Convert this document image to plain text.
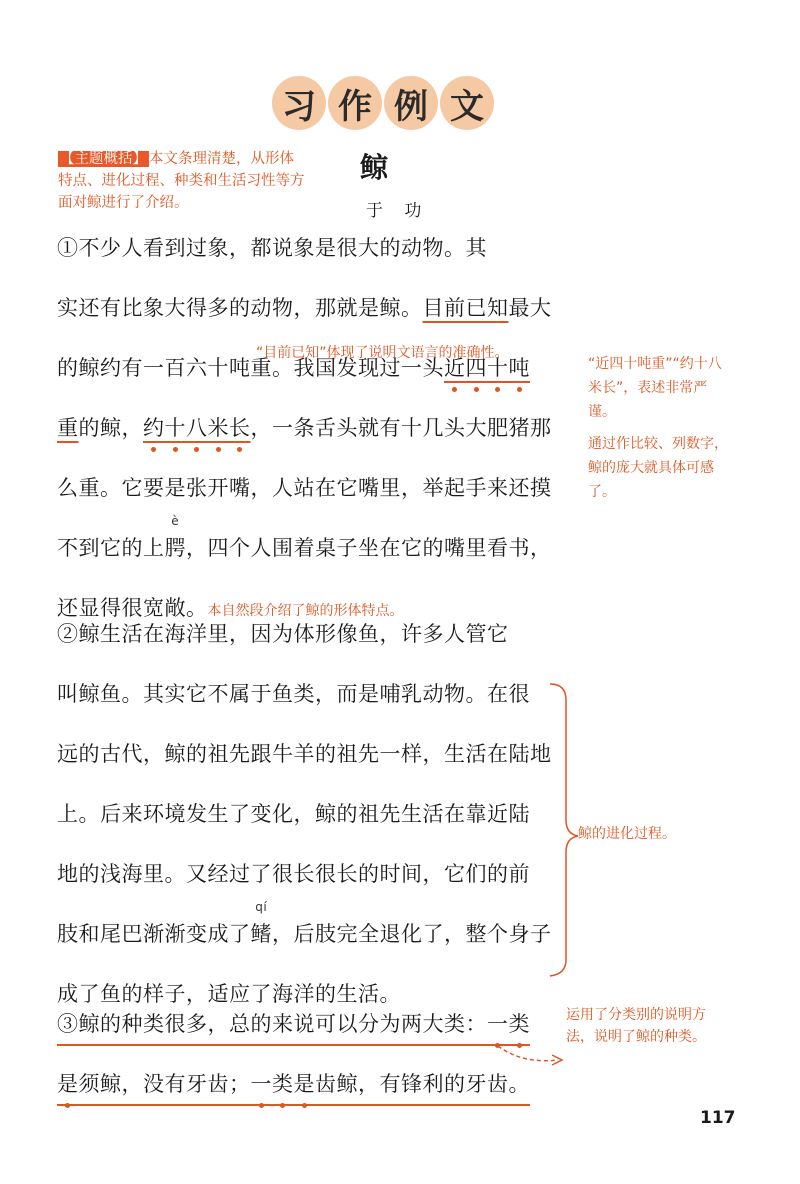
习 作 例 文
鲸
于 功
【主题概括】 本文条理清楚，从形体特点、进化过程、种类和生活习性等方面对鲸进行了介绍。
①不少人看到过象，都说象是很大的动物。其
实还有比象大得多的动物，那就是鲸。目前已知最大
的鲸约有一百六十吨重。我国发现过一头近四十吨
重的鲸，约十八米长，一条舌头就有十几头大肥猪那
么重。它要是张开嘴，人站在它嘴里，举起手来还摸
不到它的上
è
腭，四个人围着桌子坐在它的嘴里看书，
还显得很宽敞。本自然段介绍了鲸的形体特点。
②鲸生活在海洋里，因为体形像鱼，许多人管它
叫鲸鱼。其实它不属于鱼类，而是哺乳动物。在很
远的古代，鲸的祖先跟牛羊的祖先一样，生活在陆地
上。后来环境发生了变化，鲸的祖先生活在靠近陆
地的浅海里。又经过了很长很长的时间，它们的前
肢和尾巴渐渐变成了
qí
鳍，后肢完全退化了，整个身子
成了鱼的样子，适应了海洋的生活。
③鲸的种类很多，总的来说可以分为两大类：一类
是须鲸，没有牙齿；一类是齿鲸，有锋利的牙齿。
“目前已知”体现了说明文语言的准确性。
“近四十吨重”“约十八米长”，表述非常严谨。
通过作比较、列数字，鲸的庞大就具体可感了。
鲸的进化过程。
运用了分类别的说明方法，说明了鲸的种类。
117
